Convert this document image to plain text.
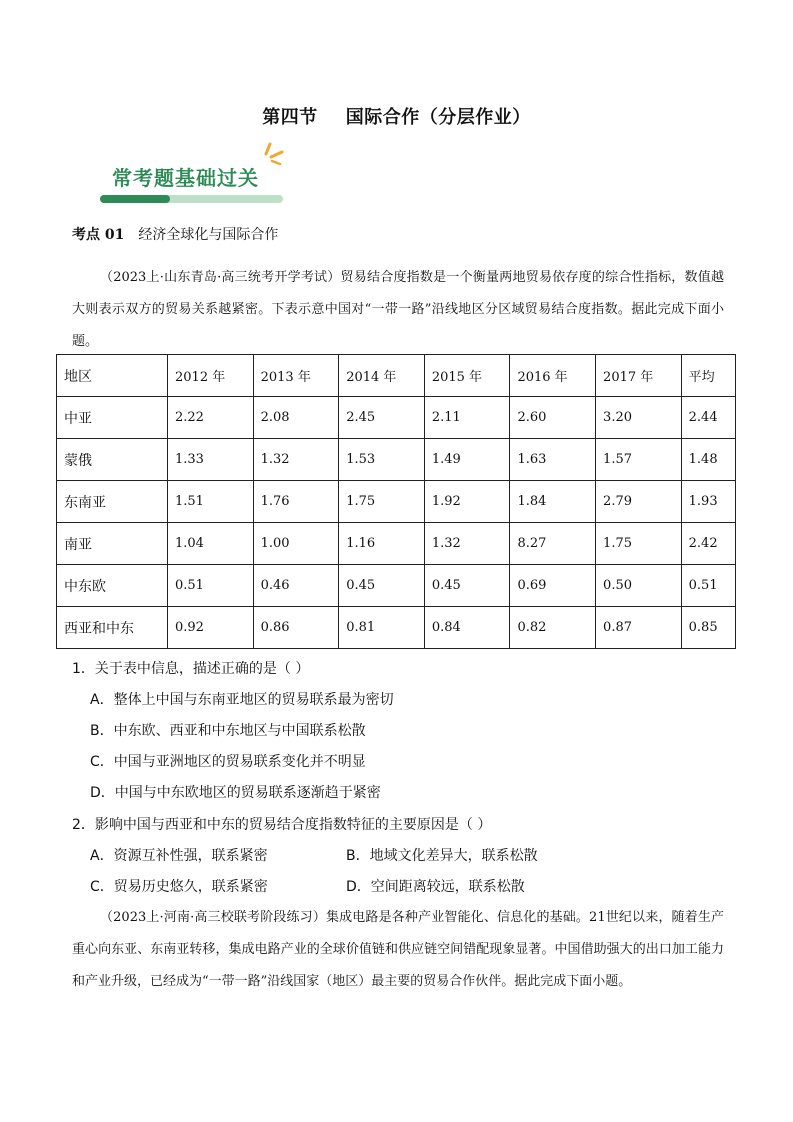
第四节 国际合作（分层作业）
常考题基础过关
考点 01 经济全球化与国际合作
（2023上·山东青岛·高三统考开学考试）贸易结合度指数是一个衡量两地贸易依存度的综合性指标，数值越大则表示双方的贸易关系越紧密。下表示意中国对“一带一路”沿线地区分区域贸易结合度指数。据此完成下面小题。
地区	2012 年	2013 年	2014 年	2015 年	2016 年	2017 年	平均
中亚	2.22	2.08	2.45	2.11	2.60	3.20	2.44
蒙俄	1.33	1.32	1.53	1.49	1.63	1.57	1.48
东南亚	1.51	1.76	1.75	1.92	1.84	2.79	1.93
南亚	1.04	1.00	1.16	1.32	8.27	1.75	2.42
中东欧	0.51	0.46	0.45	0.45	0.69	0.50	0.51
西亚和中东	0.92	0.86	0.81	0.84	0.82	0.87	0.85
1．关于表中信息，描述正确的是（ ）
A．整体上中国与东南亚地区的贸易联系最为密切
B．中东欧、西亚和中东地区与中国联系松散
C．中国与亚洲地区的贸易联系变化并不明显
D．中国与中东欧地区的贸易联系逐渐趋于紧密
2．影响中国与西亚和中东的贸易结合度指数特征的主要原因是（ ）
A．资源互补性强，联系紧密	B．地域文化差异大，联系松散
C．贸易历史悠久，联系紧密	D．空间距离较远，联系松散
（2023上·河南·高三校联考阶段练习）集成电路是各种产业智能化、信息化的基础。21世纪以来，随着生产重心向东亚、东南亚转移，集成电路产业的全球价值链和供应链空间错配现象显著。中国借助强大的出口加工能力和产业升级，已经成为“一带一路”沿线国家（地区）最主要的贸易合作伙伴。据此完成下面小题。
